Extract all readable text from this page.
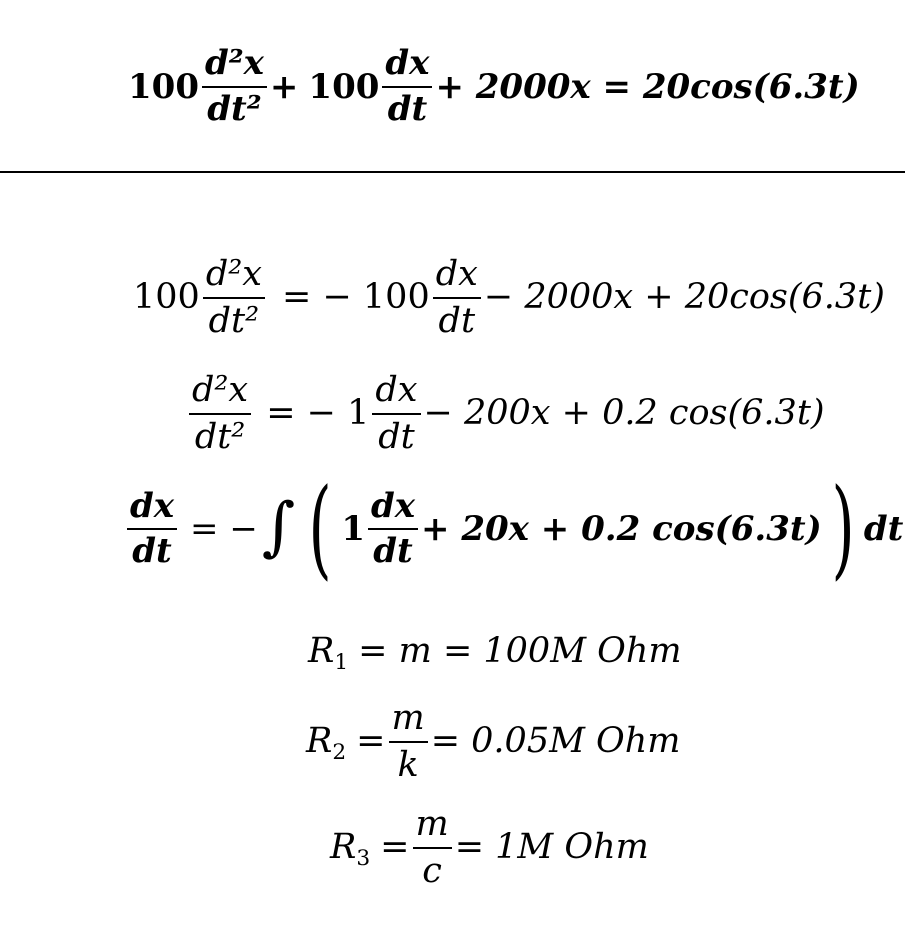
$100 \frac{\text{d²x}}{\text{dt²}} + 100 \frac{dx}{dt} + 2000x = 20\cos(6.3t)$
$100 \frac{\text{d²x}}{\text{dt²}}$ = − $100 \frac{dx}{dt} - 2000x + 20\cos(6.3t)$
$\frac{\text{d²x}}{\text{dt²}}$ = − $1 \frac{dx}{dt} - 200x + 0.2$ cos(6.3t)
$\frac{dx}{dt}$ = − ∫ ( $1 \frac{dx}{dt} + 20x + 0.2$ cos(6.3t) ) dt
$R_1 = m = 100M$ Ohm
$R_2 = \frac{m}{k} = 0.05M$ Ohm
$R_3 = \frac{m}{c} = 1M$ Ohm
